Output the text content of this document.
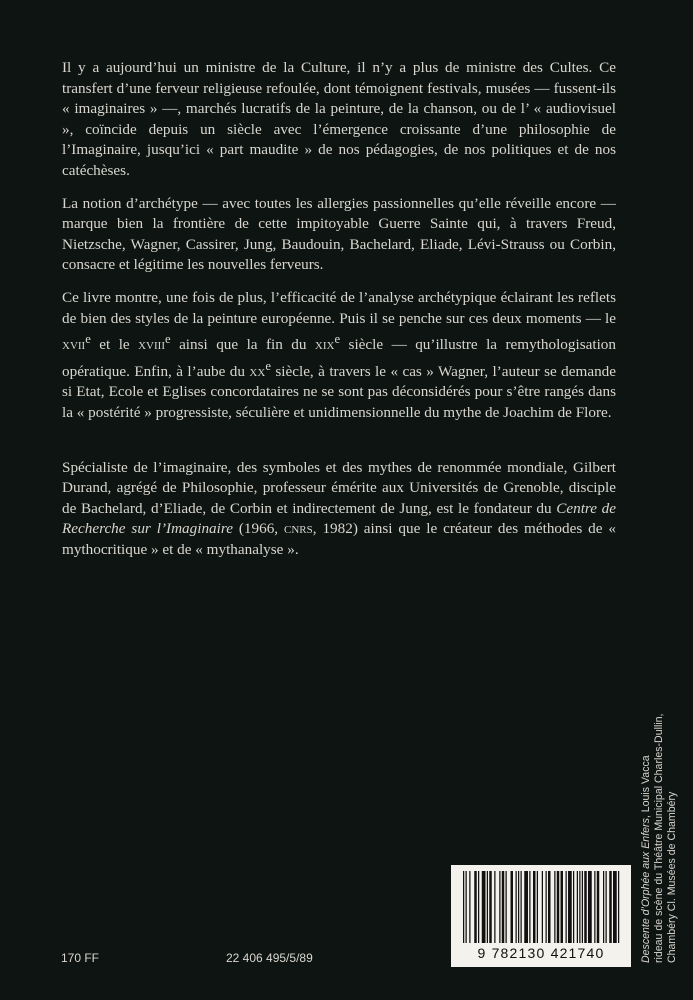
Il y a aujourd’hui un ministre de la Culture, il n’y a plus de ministre des Cultes. Ce transfert d’une ferveur religieuse refoulée, dont témoignent festivals, musées — fussent-ils « imaginaires » —, marchés lucratifs de la peinture, de la chanson, ou de l’ « audiovisuel », coïncide depuis un siècle avec l’émergence croissante d’une philosophie de l’Imaginaire, jusqu’ici « part maudite » de nos pédagogies, de nos politiques et de nos catéchèses.

La notion d’archétype — avec toutes les allergies passionnelles qu’elle réveille encore — marque bien la frontière de cette impitoyable Guerre Sainte qui, à travers Freud, Nietzsche, Wagner, Cassirer, Jung, Baudouin, Bachelard, Eliade, Lévi-Strauss ou Corbin, consacre et légitime les nouvelles ferveurs.

Ce livre montre, une fois de plus, l’efficacité de l’analyse archétypique éclairant les reflets de bien des styles de la peinture européenne. Puis il se penche sur ces deux moments — le xvii$^e$ et le xviii$^e$ ainsi que la fin du xix$^e$ siècle — qu’illustre la remythologisation opératique. Enfin, à l’aube du $xx^e$ siècle, à travers le « cas » Wagner, l’auteur se demande si Etat, Ecole et Eglises concordataires ne se sont pas déconsidérés pour s’être rangés dans la « postérité » progressiste, séculière et unidimensionnelle du mythe de Joachim de Flore.

Spécialiste de l’imaginaire, des symboles et des mythes de renommée mondiale, Gilbert Durand, agrégé de Philosophie, professeur émérite aux Universités de Grenoble, disciple de Bachelard, d’Eliade, de Corbin et indirectement de Jung, est le fondateur du Centre de Recherche sur l’Imaginaire (1966, cnrs, 1982) ainsi que le créateur des méthodes de « mythocritique » et de « mythanalyse ».

170 FF	22 406 495/5/89	9 782130 421740	Descente d’Orphée aux Enfers, Louis Vacca rideau de scène du Théâtre Municipal Charles-Dullin, Chambéry Cl. Musées de Chambéry
